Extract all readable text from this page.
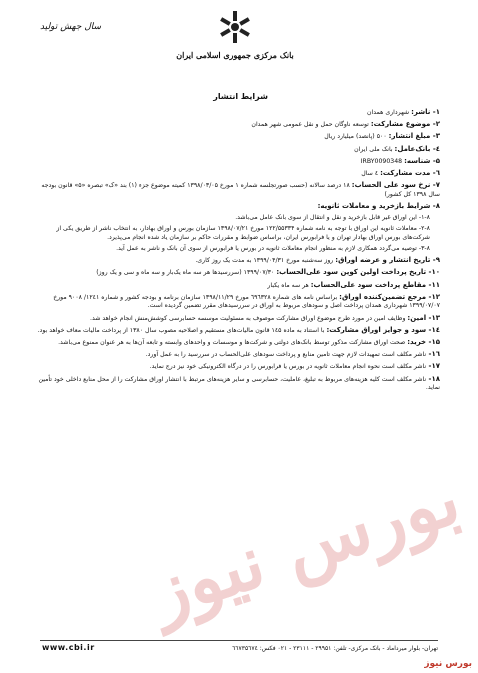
سال جهش تولید
بانک مرکزی جمهوری اسلامی ایران
شرایط انتشار
۱- ناشر: شهرداری همدان
۲- موضوع مشارکت: توسعه ناوگان حمل و نقل عمومی شهر همدان
۳- مبلغ انتشار: ۵۰۰ (پانصد) میلیارد ریال
٤- بانک‌عامل: بانک ملی ایران
۵- شناسه: IRBY0090348
٦- مدت مشارکت: ٤ سال
۷- نرخ سود علی الحساب: ۱۸ درصد سالانه (حسب صورتجلسه شماره ۱ مورخ ۱۳۹۸/۰۳/۰۵ کمیته موضوع جزء (۱) بند «ک» تبصره «۵» قانون بودجه سال ۱۳۹۸ کل کشور)
۸- شرایط بازخرید و معاملات ثانویه:
۱-۸- این اوراق غیر قابل بازخرید و نقل و انتقال از سوی بانک عامل می‌باشد.
۲-۸- معاملات ثانویه این اوراق با توجه به نامه شماره ۱۲۲/۵۵۳۳۴ مورخ ۱۳۹۸/۰۷/۲۱ سازمان بورس و اوراق بهادار، به انتخاب ناشر از طریق یکی از شرکت‌های بورس اوراق بهادار تهران و یا فرابورس ایران، براساس ضوابط و مقررات حاکم بر سازمان یاد شده انجام می‌پذیرد.
۳-۸- توصیه می‌گردد همکاری لازم به منظور انجام معاملات ثانویه در بورس یا فرابورس از سوی آن بانک و ناشر به عمل آید.
۹- تاریخ انتشار و عرضه اوراق: روز سه‌شنبه مورخ ۱۳۹۹/۰۴/۳۱ به مدت یک روز کاری.
۱۰- تاریخ پرداخت اولین کوپن سود علی‌الحساب: ۱۳۹۹/۰۷/۳۰ (سررسیدها هر سه ماه یک‌بار و سه ماه و سی و یک روز)
۱۱- مقاطع پرداخت سود علی‌الحساب: هر سه ماه یکبار
۱۲- مرجع تضمین‌کننده اوراق: براساس نامه های شماره ٦٩٦۳۲۸ مورخ ۱۳۹۸/۱۱/۲۹ سازمان برنامه و بودجه کشور و شماره ۱۲٤۱/ ۹۰۰۸ مورخ ۱۳۹۹/۰۷/۰۷ شهرداری همدان پرداخت اصل و سودهای مربوط به اوراق در سررسیدهای مقرر تضمین گردیده است.
۱۳- امین: وظایف امین در مورد طرح موضوع اوراق مشارکت موصوف به مسئولیت موسسه حسابرسی کوشش‌منش انجام خواهد شد.
۱٤- سود و جوایز اوراق مشارکت: با استناد به ماده ۱٤۵ قانون مالیات‌های مستقیم و اصلاحیه مصوب سال ۱۳۸۰ از پرداخت مالیات معاف خواهد بود.
۱۵- خرید: صحت اوراق مشارکت مذکور توسط بانک‌های دولتی و شرکت‌ها و موسسات و واحدهای وابسته و تابعه آن‌ها به هر عنوان ممنوع می‌باشد.
۱٦- ناشر مکلف است تمهیدات لازم جهت تامین منابع و پرداخت سودهای علی‌الحساب در سررسید را به عمل آورد.
۱۷- ناشر مکلف است نحوه انجام معاملات ثانویه در بورس یا فرابورس را در درگاه الکترونیکی خود نیز درج نماید.
۱۸- ناشر مکلف است کلیه هزینه‌های مربوط به تبلیغ، عاملیت، حسابرسی و سایر هزینه‌های مرتبط با انتشار اوراق مشارکت را از محل منابع داخلی خود تأمین نماید.
بورس نیوز
تهران- بلوار میرداماد - بانک مرکزی- تلفن: ۲۹۹۵۱ - ۲۳۱۱۱ - ۰۲۱ فکس: ٦٦٧۳۵٦٧٤
www.cbi.ir
بورس نیوز
